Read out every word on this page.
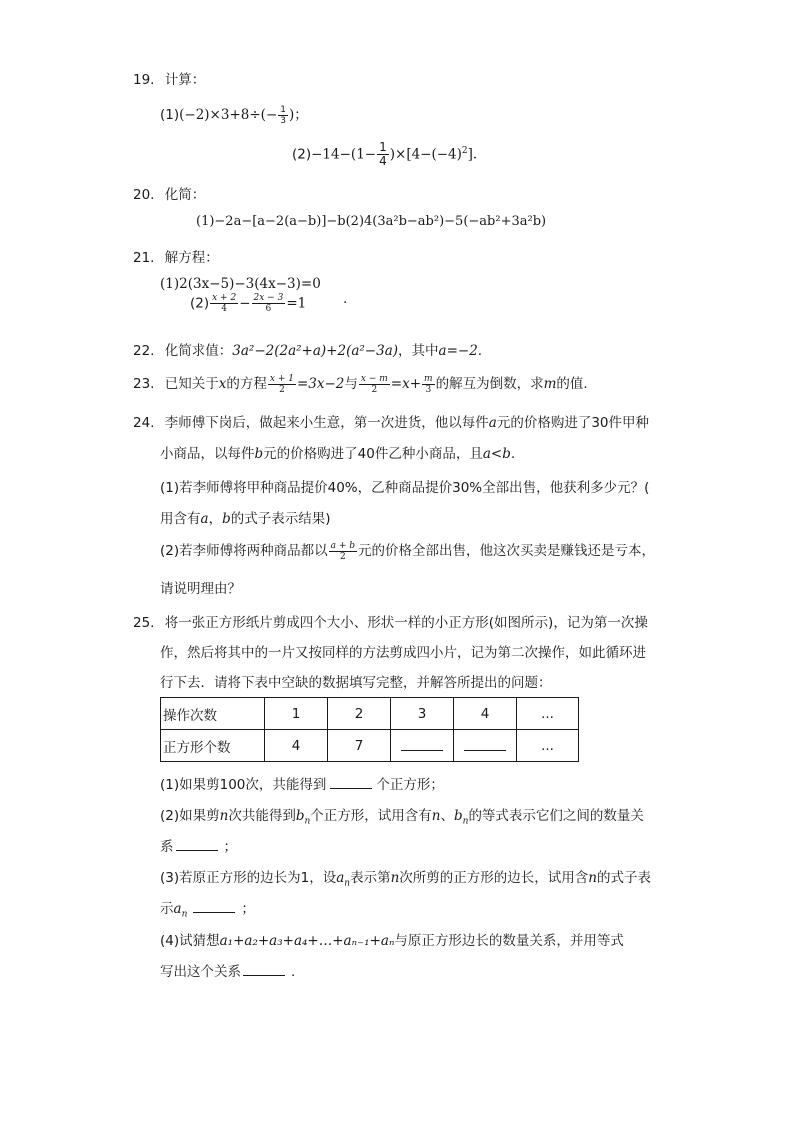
19. 计算：
$(1)(-2)\times 3+8\div(- \frac{1}{3}$ )；
$(2)-14-(1- \frac{1}{4} )\times[4-(-4)^2]$.
20. 化简：
(1)−2a−[a−2(a−b)]−b(2)4(3a²b−ab²)−5(−ab²+3a²b)
21. 解方程：
(1)2(3x−5)−3(4x−3)=0
$(2) \frac{x + 2}{4} - \frac{2x - 3}{6} =1$	.
22. 化简求值：3a²−2(2a²+a)+2(a²−3a)，其中a=−2.
23. 已知关于x的方程 $\frac{x + 1}{2} =3x-2$与 $\frac{x - m}{2} =x+ \frac{m}{3}$ 的解互为倒数，求m的值.
24. 李师傅下岗后，做起来小生意，第一次进货，他以每件a元的价格购进了30件甲种
小商品，以每件b元的价格购进了40件乙种小商品，且a<b.
(1)若李师傅将甲种商品提价40%，乙种商品提价30%全部出售，他获利多少元？(
用含有a，b的式子表示结果)
(2)若李师傅将两种商品都以 $\frac{a + b}{2}$ 元的价格全部出售，他这次买卖是赚钱还是亏本，
请说明理由？
25. 将一张正方形纸片剪成四个大小、形状一样的小正方形(如图所示)，记为第一次操
作，然后将其中的一片又按同样的方法剪成四小片，记为第二次操作，如此循环进
行下去．请将下表中空缺的数据填写完整，并解答所提出的问题：
操作次数	1	2	3	4	...
正方形个数	4	7			...
(1)如果剪100次，共能得到	个正方形；
(2)如果剪n次共能得到$b_n$个正方形，试用含有n、$b_n$的等式表示它们之间的数量关
系	；
(3)若原正方形的边长为1，设$a_n$表示第n次所剪的正方形的边长，试用含n的式子表
示$a_n$	；
(4)试猜想a₁+a₂+a₃+a₄+…+aₙ₋₁+aₙ与原正方形边长的数量关系，并用等式
写出这个关系	.
